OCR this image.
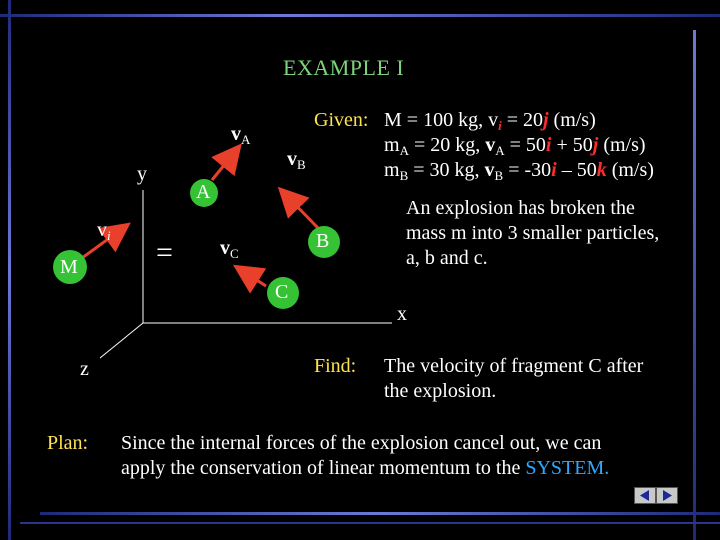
EXAMPLE I
y
z
x
M
$v_i$
=
$v_A$
$v_B$
$v_C$
A
B
C
Given: M = 100 kg, $v_i = 20j$ (m/s)
$m_A = 20$ kg, $v_A = 50i + 50j$ (m/s)
$m_B = 30$ kg, $v_B = -30i - 50k$ (m/s)
An explosion has broken the
mass m into 3 smaller particles,
a, b and c.
Find: The velocity of fragment C after
the explosion.
Plan: Since the internal forces of the explosion cancel out, we can
apply the conservation of linear momentum to the SYSTEM.
